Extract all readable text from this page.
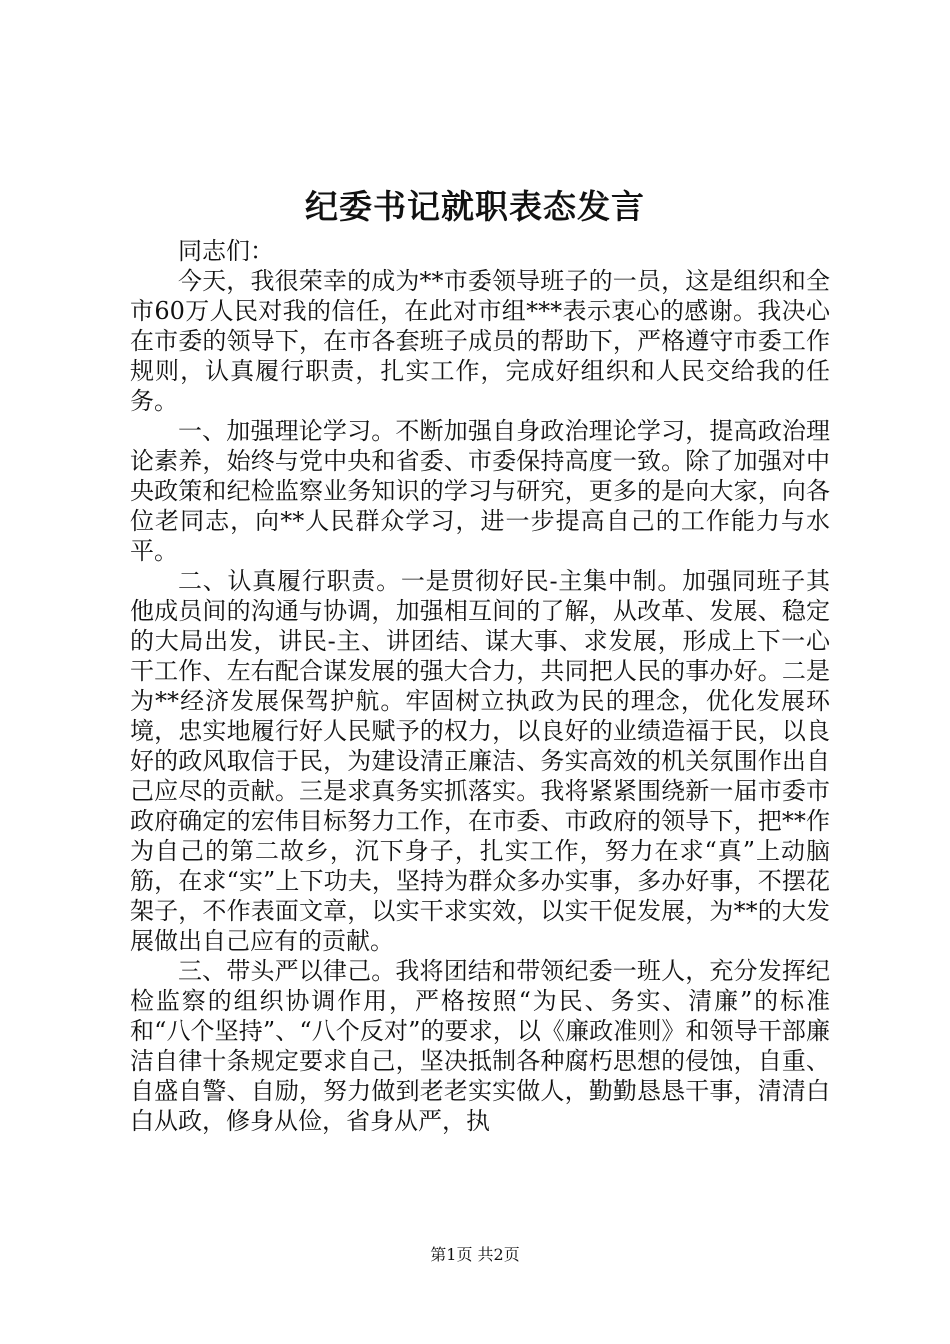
纪委书记就职表态发言

同志们：

今天，我很荣幸的成为**市委领导班子的一员，这是组织和全市60万人民对我的信任，在此对市组***表示衷心的感谢。我决心在市委的领导下，在市各套班子成员的帮助下，严格遵守市委工作规则，认真履行职责，扎实工作，完成好组织和人民交给我的任务。

一、加强理论学习。不断加强自身政治理论学习，提高政治理论素养，始终与党中央和省委、市委保持高度一致。除了加强对中央政策和纪检监察业务知识的学习与研究，更多的是向大家，向各位老同志，向**人民群众学习，进一步提高自己的工作能力与水平。

二、认真履行职责。一是贯彻好民-主集中制。加强同班子其他成员间的沟通与协调，加强相互间的了解，从改革、发展、稳定的大局出发，讲民-主、讲团结、谋大事、求发展，形成上下一心干工作、左右配合谋发展的强大合力，共同把人民的事办好。二是为**经济发展保驾护航。牢固树立执政为民的理念，优化发展环境，忠实地履行好人民赋予的权力，以良好的业绩造福于民，以良好的政风取信于民，为建设清正廉洁、务实高效的机关氛围作出自己应尽的贡献。三是求真务实抓落实。我将紧紧围绕新一届市委市政府确定的宏伟目标努力工作，在市委、市政府的领导下，把**作为自己的第二故乡，沉下身子，扎实工作，努力在求“真”上动脑筋，在求“实”上下功夫，坚持为群众多办实事，多办好事，不摆花架子，不作表面文章，以实干求实效，以实干促发展，为**的大发展做出自己应有的贡献。

三、带头严以律己。我将团结和带领纪委一班人，充分发挥纪检监察的组织协调作用，严格按照“为民、务实、清廉”的标准和“八个坚持”、“八个反对”的要求，以《廉政准则》和领导干部廉洁自律十条规定要求自己，坚决抵制各种腐朽思想的侵蚀，自重、自盛自警、自励，努力做到老老实实做人，勤勤恳恳干事，清清白白从政，修身从俭，省身从严，执

第1页 共2页
